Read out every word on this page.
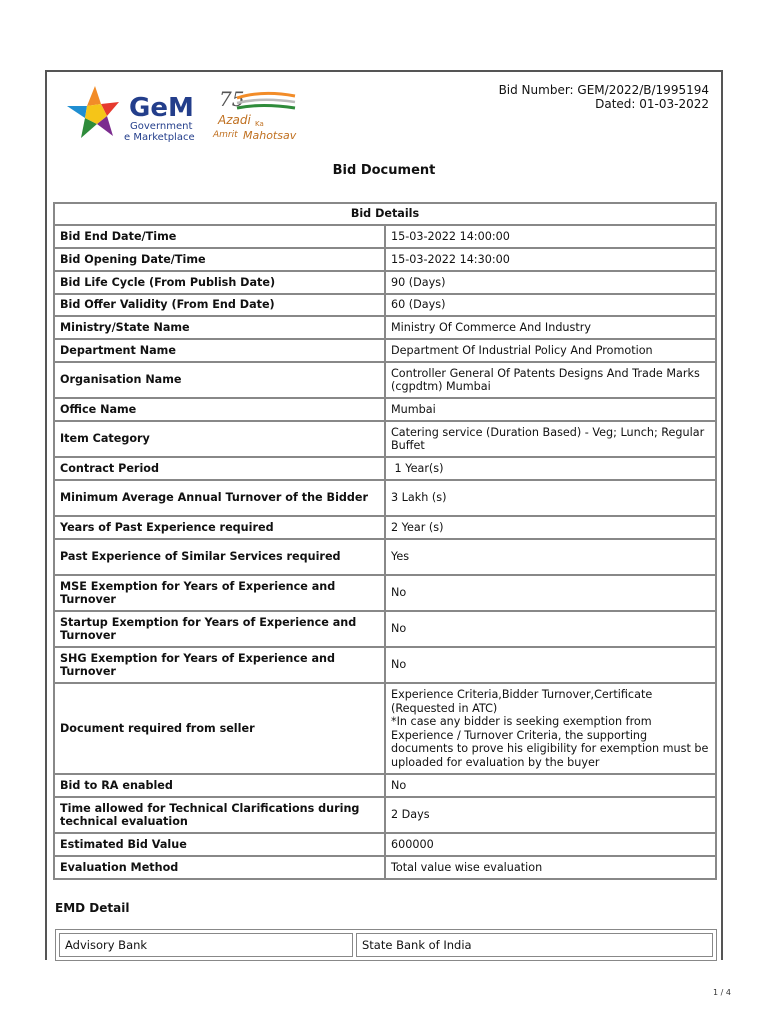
GeM
Government
e Marketplace
75
Azadi Ka
Amrit Mahotsav
Bid Number: GEM/2022/B/1995194
Dated: 01-03-2022
Bid Document
Bid Details	
Bid End Date/Time	15-03-2022 14:00:00
Bid Opening Date/Time	15-03-2022 14:30:00
Bid Life Cycle (From Publish Date)	90 (Days)
Bid Offer Validity (From End Date)	60 (Days)
Ministry/State Name	Ministry Of Commerce And Industry
Department Name	Department Of Industrial Policy And Promotion
Organisation Name	Controller General Of Patents Designs And Trade Marks (cgpdtm) Mumbai
Office Name	Mumbai
Item Category	Catering service (Duration Based) - Veg; Lunch; Regular Buffet
Contract Period	1 Year(s)
Minimum Average Annual Turnover of the Bidder	3 Lakh (s)
Years of Past Experience required	2 Year (s)
Past Experience of Similar Services required	Yes
MSE Exemption for Years of Experience and Turnover	No
Startup Exemption for Years of Experience and Turnover	No
SHG Exemption for Years of Experience and Turnover	No
Document required from seller	Experience Criteria,Bidder Turnover,Certificate (Requested in ATC)
*In case any bidder is seeking exemption from Experience / Turnover Criteria, the supporting documents to prove his eligibility for exemption must be uploaded for evaluation by the buyer
Bid to RA enabled	No
Time allowed for Technical Clarifications during technical evaluation	2 Days
Estimated Bid Value	600000
Evaluation Method	Total value wise evaluation
EMD Detail
Advisory Bank	State Bank of India
1 / 4
